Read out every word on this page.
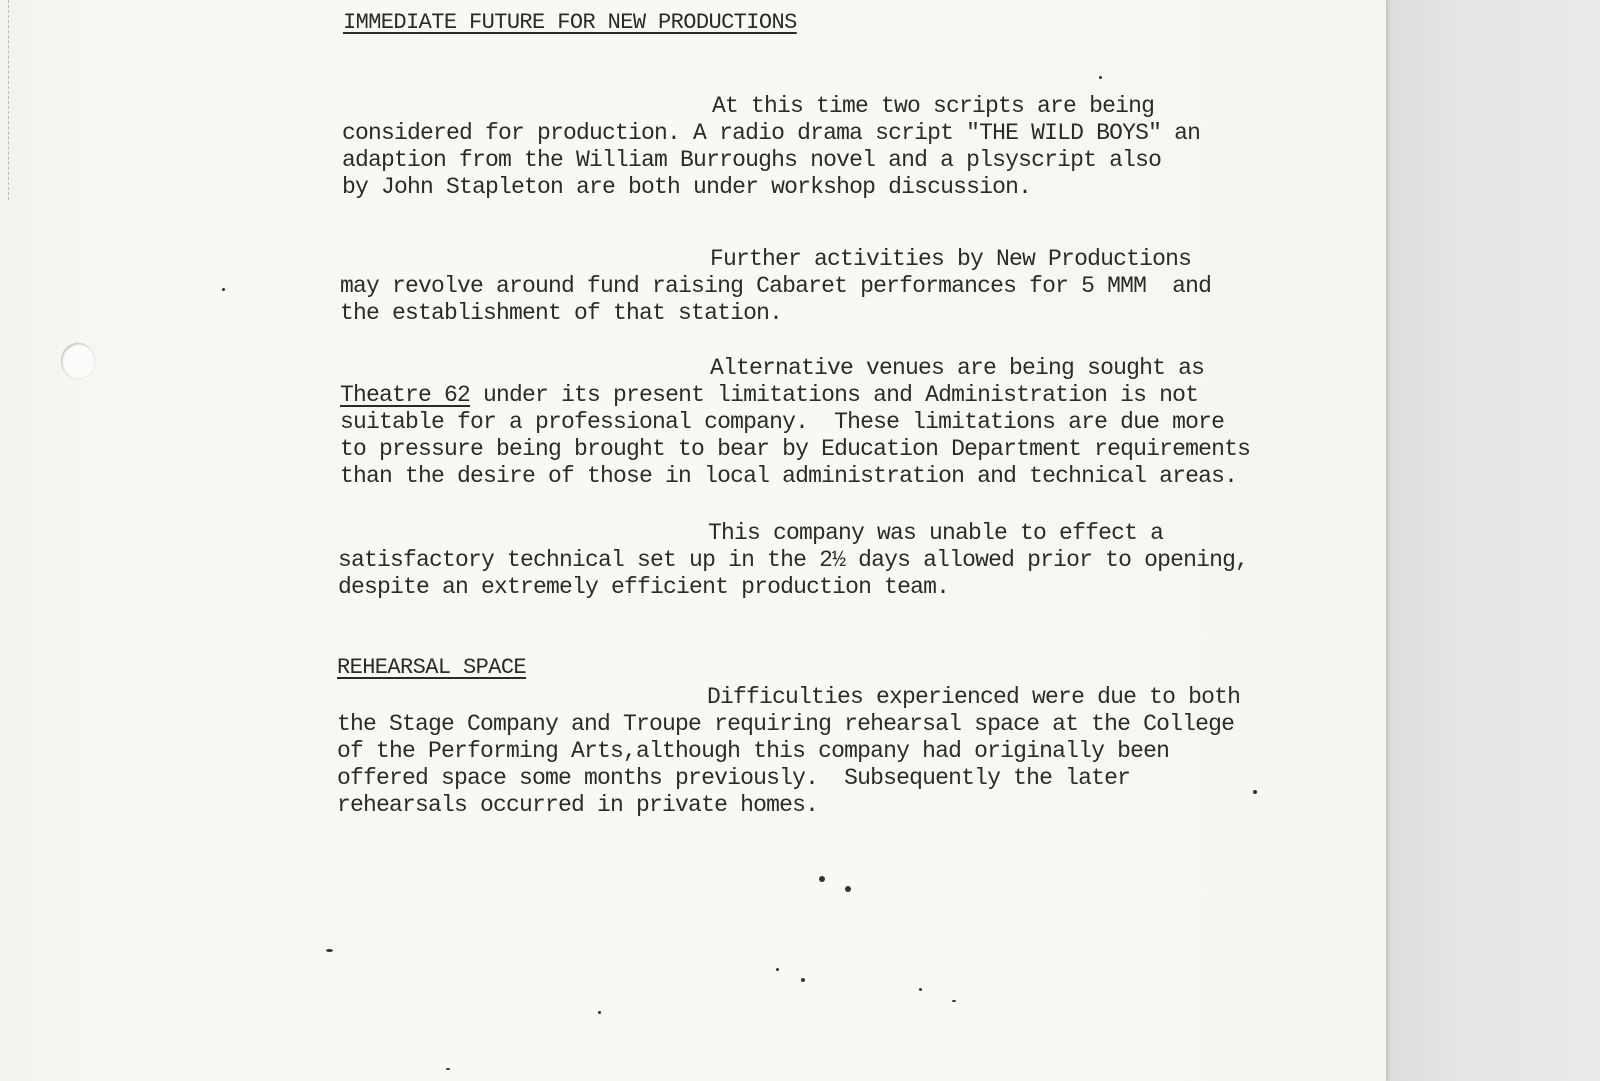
IMMEDIATE FUTURE FOR NEW PRODUCTIONS

At this time two scripts are being
considered for production. A radio drama script "THE WILD BOYS" an
adaption from the William Burroughs novel and a plsyscript also
by John Stapleton are both under workshop discussion.

Further activities by New Productions
may revolve around fund raising Cabaret performances for 5 MMM  and
the establishment of that station.

Alternative venues are being sought as
Theatre 62 under its present limitations and Administration is not
suitable for a professional company.  These limitations are due more
to pressure being brought to bear by Education Department requirements
than the desire of those in local administration and technical areas.

This company was unable to effect a
satisfactory technical set up in the 2½ days allowed prior to opening,
despite an extremely efficient production team.

REHEARSAL SPACE

Difficulties experienced were due to both
the Stage Company and Troupe requiring rehearsal space at the College
of the Performing Arts,although this company had originally been
offered space some months previously.  Subsequently the later
rehearsals occurred in private homes.
